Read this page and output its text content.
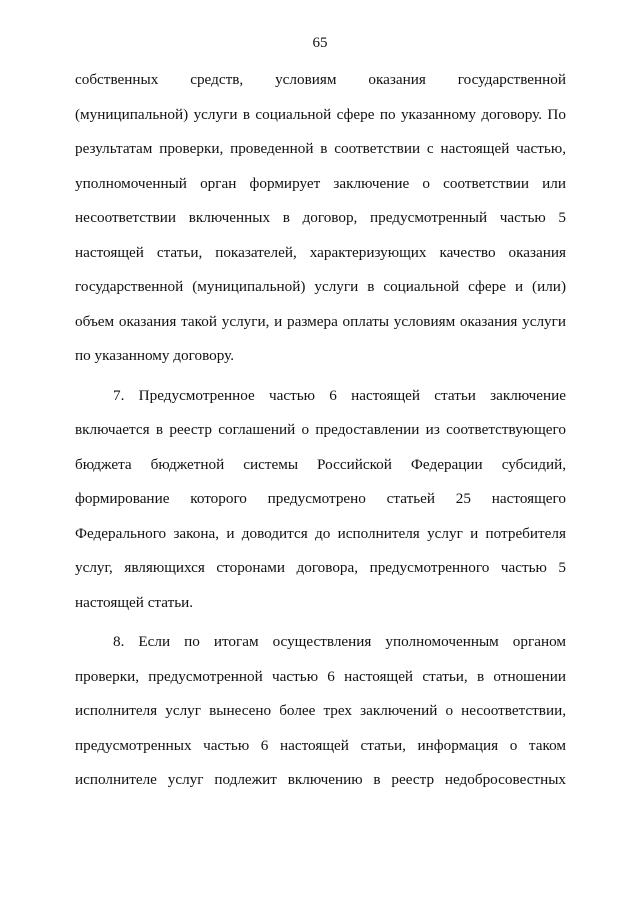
65
собственных средств, условиям оказания государственной
(муниципальной) услуги в социальной сфере по указанному договору. По
результатам проверки, проведенной в соответствии с настоящей частью,
уполномоченный орган формирует заключение о соответствии или
несоответствии включенных в договор, предусмотренный частью 5
настоящей статьи, показателей, характеризующих качество оказания
государственной (муниципальной) услуги в социальной сфере и (или)
объем оказания такой услуги, и размера оплаты условиям оказания услуги
по указанному договору.
7. Предусмотренное частью 6 настоящей статьи заключение
включается в реестр соглашений о предоставлении из соответствующего
бюджета бюджетной системы Российской Федерации субсидий,
формирование которого предусмотрено статьей 25 настоящего
Федерального закона, и доводится до исполнителя услуг и потребителя
услуг, являющихся сторонами договора, предусмотренного частью 5
настоящей статьи.
8. Если по итогам осуществления уполномоченным органом
проверки, предусмотренной частью 6 настоящей статьи, в отношении
исполнителя услуг вынесено более трех заключений о несоответствии,
предусмотренных частью 6 настоящей статьи, информация о таком
исполнителе услуг подлежит включению в реестр недобросовестных
